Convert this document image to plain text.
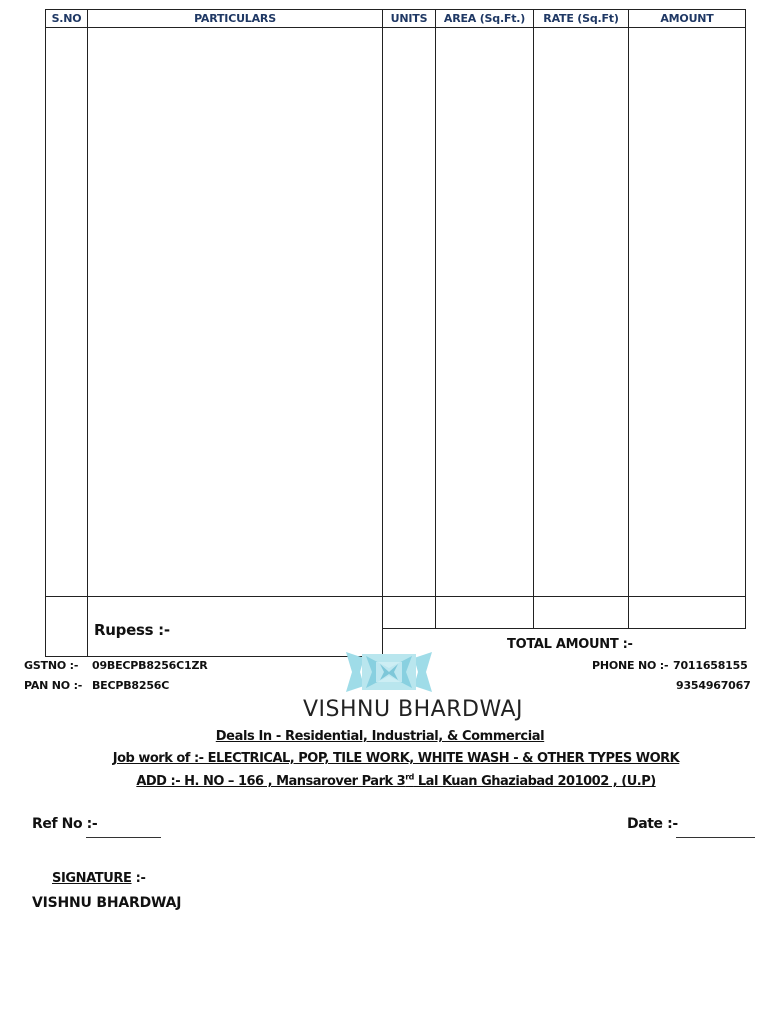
S.NO	PARTICULARS	UNITS	AREA (Sq.Ft.)	RATE (Sq.Ft)	AMOUNT
Rupess :-
TOTAL AMOUNT :-
GSTNO :- 09BECPB8256C1ZR
PAN NO :- BECPB8256C
PHONE NO :- 7011658155
9354967067
VISHNU BHARDWAJ
Deals In - Residential, Industrial, & Commercial
Job work of :- ELECTRICAL, POP, TILE WORK, WHITE WASH - & OTHER TYPES WORK
ADD :- H. NO – 166 , Mansarover Park 3rd Lal Kuan Ghaziabad 201002 , (U.P)
Ref No :-	Date :-
SIGNATURE :-
VISHNU BHARDWAJ
